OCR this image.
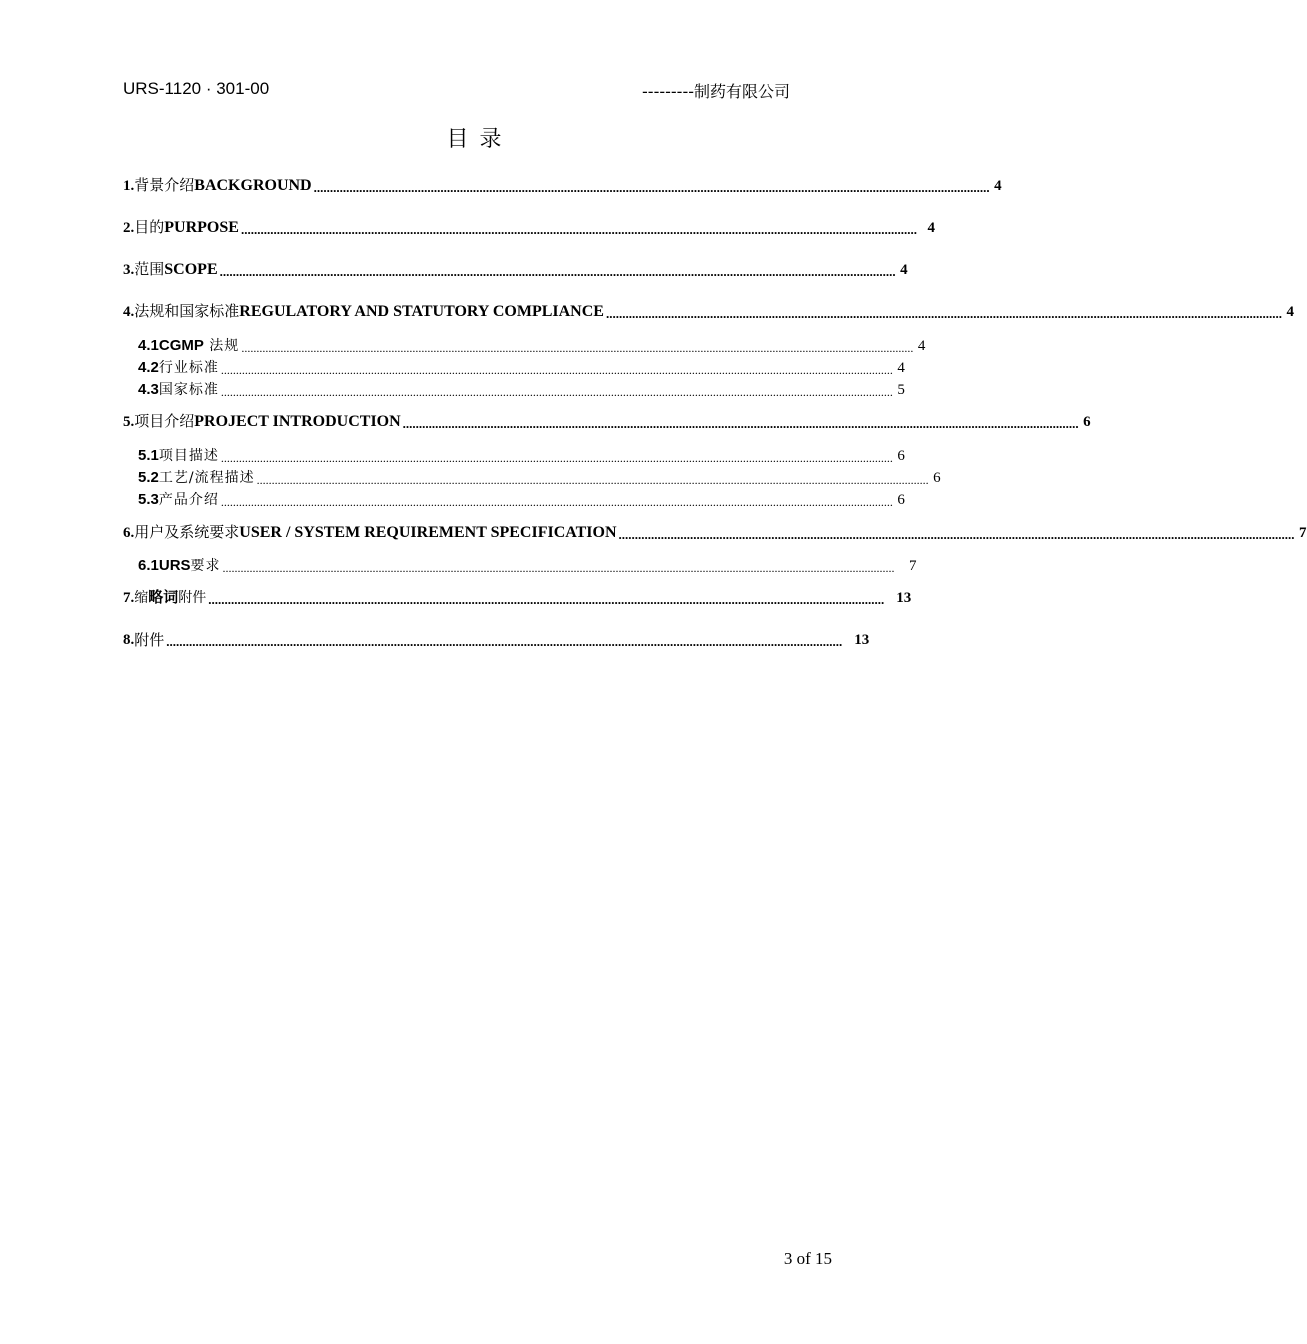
URS-1120 · 301-00	---------制药有限公司
目 录
1. 背景介绍BACKGROUND ................................................................................................................................................................................................................ 4
2. 目的PURPOSE ................................................................................................................................................................................................................ 4
3. 范围SCOPE ................................................................................................................................................................................................................ 4
4. 法规和国家标准REGULATORY AND STATUTORY COMPLIANCE ................................................................................................................................................................................................................ 4
4.1 CGMP 法规 ................................................................................................................................................................................................................................ 4
4.2 行业标准 ................................................................................................................................................................................................................................ 4
4.3 国家标准 ................................................................................................................................................................................................................................ 5
5. 项目介绍PROJECT INTRODUCTION ................................................................................................................................................................................................................ 6
5.1 项目描述 ................................................................................................................................................................................................................................ 6
5.2 工艺/流程描述 ................................................................................................................................................................................................................................ 6
5.3 产品介绍 ................................................................................................................................................................................................................................ 6
6. 用户及系统要求USER / SYSTEM REQUIREMENT SPECIFICATION ................................................................................................................................................................................................................ 7
6.1 URS要求 ................................................................................................................................................................................................................................ 7
7. 缩略词附件 ................................................................................................................................................................................................................ 13
8. 附件 ................................................................................................................................................................................................................ 13
3 of 15
